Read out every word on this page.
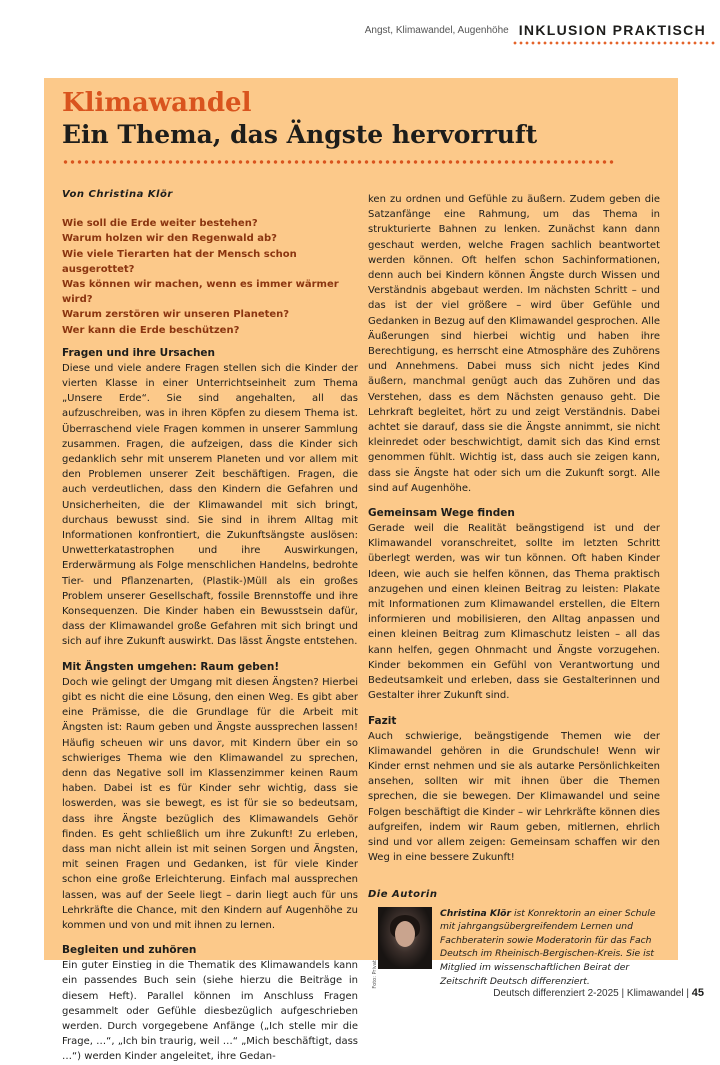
Angst, Klimawandel, Augenhöhe INKLUSION PRAKTISCH
Klimawandel
Ein Thema, das Ängste hervorruft

Von Christina Klör

Wie soll die Erde weiter bestehen?
Warum holzen wir den Regenwald ab?
Wie viele Tierarten hat der Mensch schon ausgerottet?
Was können wir machen, wenn es immer wärmer wird?
Warum zerstören wir unseren Planeten?
Wer kann die Erde beschützen?

Fragen und ihre Ursachen

Diese und viele andere Fragen stellen sich die Kinder der vierten Klasse in einer Unterrichtseinheit zum Thema „Unsere Erde“. Sie sind angehalten, all das aufzuschreiben, was in ihren Köpfen zu diesem Thema ist. Überraschend viele Fragen kommen in unserer Sammlung zusammen. Fragen, die aufzeigen, dass die Kinder sich gedanklich sehr mit unserem Planeten und vor allem mit den Problemen unserer Zeit beschäftigen. Fragen, die auch verdeutlichen, dass den Kindern die Gefahren und Unsicherheiten, die der Klimawandel mit sich bringt, durchaus bewusst sind. Sie sind in ihrem Alltag mit Informationen konfrontiert, die Zukunftsängste auslösen: Unwetterkatastrophen und ihre Auswirkungen, Erderwärmung als Folge menschlichen Handelns, bedrohte Tier- und Pflanzenarten, (Plastik-)Müll als ein großes Problem unserer Gesellschaft, fossile Brennstoffe und ihre Konsequenzen. Die Kinder haben ein Bewusstsein dafür, dass der Klimawandel große Gefahren mit sich bringt und sich auf ihre Zukunft auswirkt. Das lässt Ängste entstehen.

Mit Ängsten umgehen: Raum geben!

Doch wie gelingt der Umgang mit diesen Ängsten? Hierbei gibt es nicht die eine Lösung, den einen Weg. Es gibt aber eine Prämisse, die die Grundlage für die Arbeit mit Ängsten ist: Raum geben und Ängste aussprechen lassen! Häufig scheuen wir uns davor, mit Kindern über ein so schwieriges Thema wie den Klimawandel zu sprechen, denn das Negative soll im Klassenzimmer keinen Raum haben. Dabei ist es für Kinder sehr wichtig, dass sie loswerden, was sie bewegt, es ist für sie so bedeutsam, dass ihre Ängste bezüglich des Klimawandels Gehör finden. Es geht schließlich um ihre Zukunft! Zu erleben, dass man nicht allein ist mit seinen Sorgen und Ängsten, mit seinen Fragen und Gedanken, ist für viele Kinder schon eine große Erleichterung. Einfach mal aussprechen lassen, was auf der Seele liegt – darin liegt auch für uns Lehrkräfte die Chance, mit den Kindern auf Augenhöhe zu kommen und von und mit ihnen zu lernen.

Begleiten und zuhören

Ein guter Einstieg in die Thematik des Klimawandels kann ein passendes Buch sein (siehe hierzu die Beiträge in diesem Heft). Parallel können im Anschluss Fragen gesammelt oder Gefühle diesbezüglich aufgeschrieben werden. Durch vorgegebene Anfänge („Ich stelle mir die Frage, …“, „Ich bin traurig, weil …“ „Mich beschäftigt, dass …“) werden Kinder angeleitet, ihre Gedan-

ken zu ordnen und Gefühle zu äußern. Zudem geben die Satzanfänge eine Rahmung, um das Thema in strukturierte Bahnen zu lenken. Zunächst kann dann geschaut werden, welche Fragen sachlich beantwortet werden können. Oft helfen schon Sachinformationen, denn auch bei Kindern können Ängste durch Wissen und Verständnis abgebaut werden. Im nächsten Schritt – und das ist der viel größere – wird über Gefühle und Gedanken in Bezug auf den Klimawandel gesprochen. Alle Äußerungen sind hierbei wichtig und haben ihre Berechtigung, es herrscht eine Atmosphäre des Zuhörens und Annehmens. Dabei muss sich nicht jedes Kind äußern, manchmal genügt auch das Zuhören und das Verstehen, dass es dem Nächsten genauso geht. Die Lehrkraft begleitet, hört zu und zeigt Verständnis. Dabei achtet sie darauf, dass sie die Ängste annimmt, sie nicht kleinredet oder beschwichtigt, damit sich das Kind ernst genommen fühlt. Wichtig ist, dass auch sie zeigen kann, dass sie Ängste hat oder sich um die Zukunft sorgt. Alle sind auf Augenhöhe.

Gemeinsam Wege finden

Gerade weil die Realität beängstigend ist und der Klimawandel voranschreitet, sollte im letzten Schritt überlegt werden, was wir tun können. Oft haben Kinder Ideen, wie auch sie helfen können, das Thema praktisch anzugehen und einen kleinen Beitrag zu leisten: Plakate mit Informationen zum Klimawandel erstellen, die Eltern informieren und mobilisieren, den Alltag anpassen und einen kleinen Beitrag zum Klimaschutz leisten – all das kann helfen, gegen Ohnmacht und Ängste vorzugehen. Kinder bekommen ein Gefühl von Verantwortung und Bedeutsamkeit und erleben, dass sie Gestalterinnen und Gestalter ihrer Zukunft sind.

Fazit

Auch schwierige, beängstigende Themen wie der Klimawandel gehören in die Grundschule! Wenn wir Kinder ernst nehmen und sie als autarke Persönlichkeiten ansehen, sollten wir mit ihnen über die Themen sprechen, die sie bewegen. Der Klimawandel und seine Folgen beschäftigt die Kinder – wir Lehrkräfte können dies aufgreifen, indem wir Raum geben, mitlernen, ehrlich sind und vor allem zeigen: Gemeinsam schaffen wir den Weg in eine bessere Zukunft!

Die Autorin

Foto: Privat

Christina Klör ist Konrektorin an einer Schule mit jahrgangsübergreifendem Lernen und Fachberaterin sowie Moderatorin für das Fach Deutsch im Rheinisch-Bergischen-Kreis. Sie ist Mitglied im wissenschaftlichen Beirat der Zeitschrift Deutsch differenziert.

Deutsch differenziert 2-2025 | Klimawandel | 45
